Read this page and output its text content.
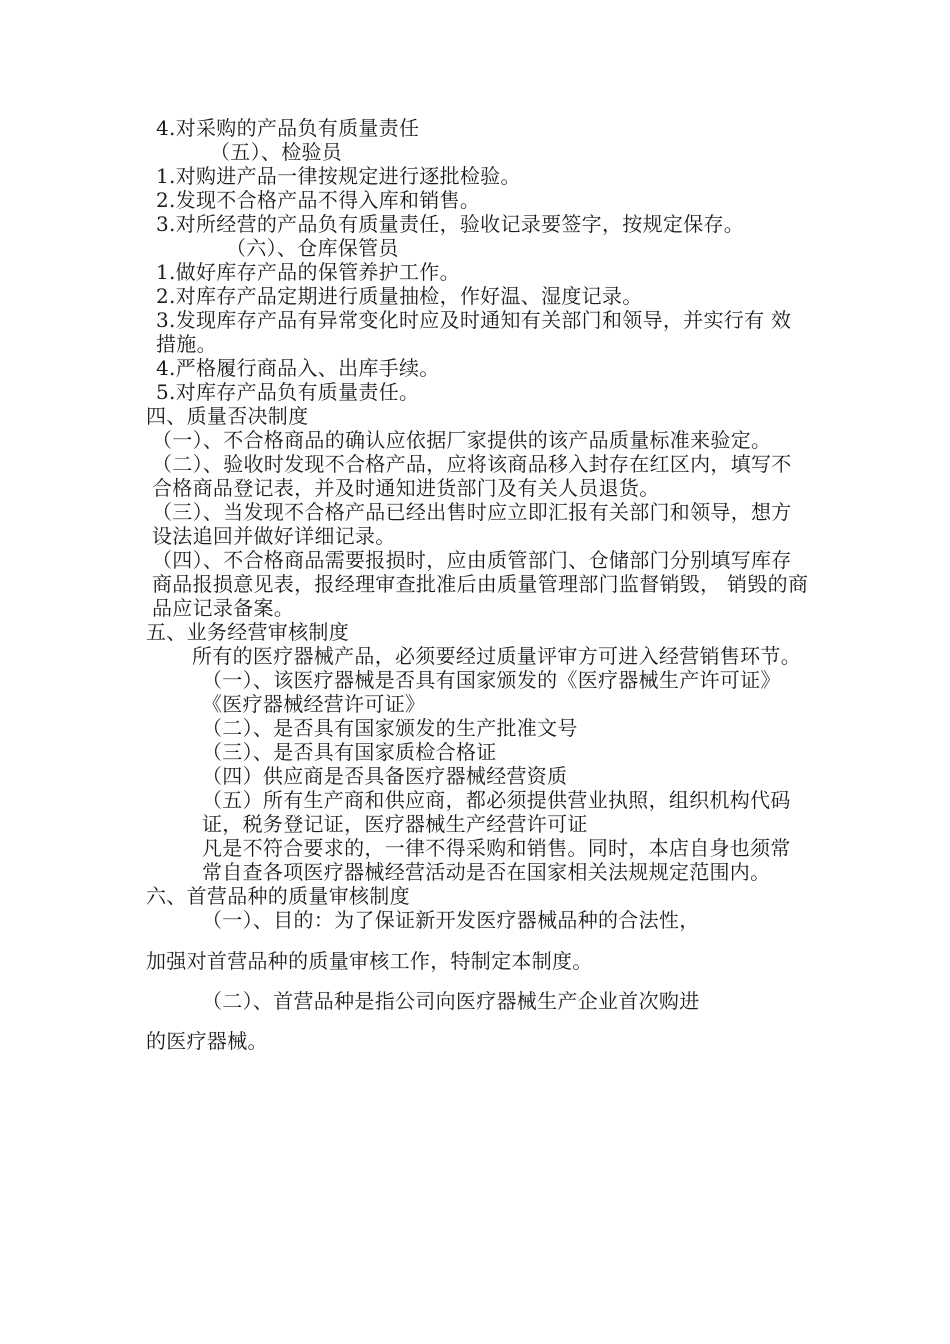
4.对采购的产品负有质量责任

（五）、检验员

1.对购进产品一律按规定进行逐批检验。

2.发现不合格产品不得入库和销售。

3.对所经营的产品负有质量责任，验收记录要签字，按规定保存。

（六）、仓库保管员

1.做好库存产品的保管养护工作。

2.对库存产品定期进行质量抽检，作好温、湿度记录。

3.发现库存产品有异常变化时应及时通知有关部门和领导，并实行有 效措施。

4.严格履行商品入、出库手续。

5.对库存产品负有质量责任。

四、质量否决制度

（一）、不合格商品的确认应依据厂家提供的该产品质量标准来验定。

（二）、验收时发现不合格产品，应将该商品移入封存在红区内，填写不 合格商品登记表，并及时通知进货部门及有关人员退货。

（三）、当发现不合格产品已经出售时应立即汇报有关部门和领导，想方 设法追回并做好详细记录。

（四）、不合格商品需要报损时，应由质管部门、仓储部门分别填写库存 商品报损意见表，报经理审查批准后由质量管理部门监督销毁， 销毁的商品应记录备案。

五、业务经营审核制度

所有的医疗器械产品，必须要经过质量评审方可进入经营销售环节。

（一）、该医疗器械是否具有国家颁发的《医疗器械生产许可证》《医疗器械经营许可证》

（二）、是否具有国家颁发的生产批准文号

（三）、是否具有国家质检合格证

（四）供应商是否具备医疗器械经营资质

（五）所有生产商和供应商，都必须提供营业执照，组织机构代码证，税务登记证，医疗器械生产经营许可证

凡是不符合要求的，一律不得采购和销售。同时，本店自身也须常常自查各项医疗器械经营活动是否在国家相关法规规定范围内。

六、首营品种的质量审核制度

（一）、目的：为了保证新开发医疗器械品种的合法性，

加强对首营品种的质量审核工作，特制定本制度。

（二）、首营品种是指公司向医疗器械生产企业首次购进

的医疗器械。
